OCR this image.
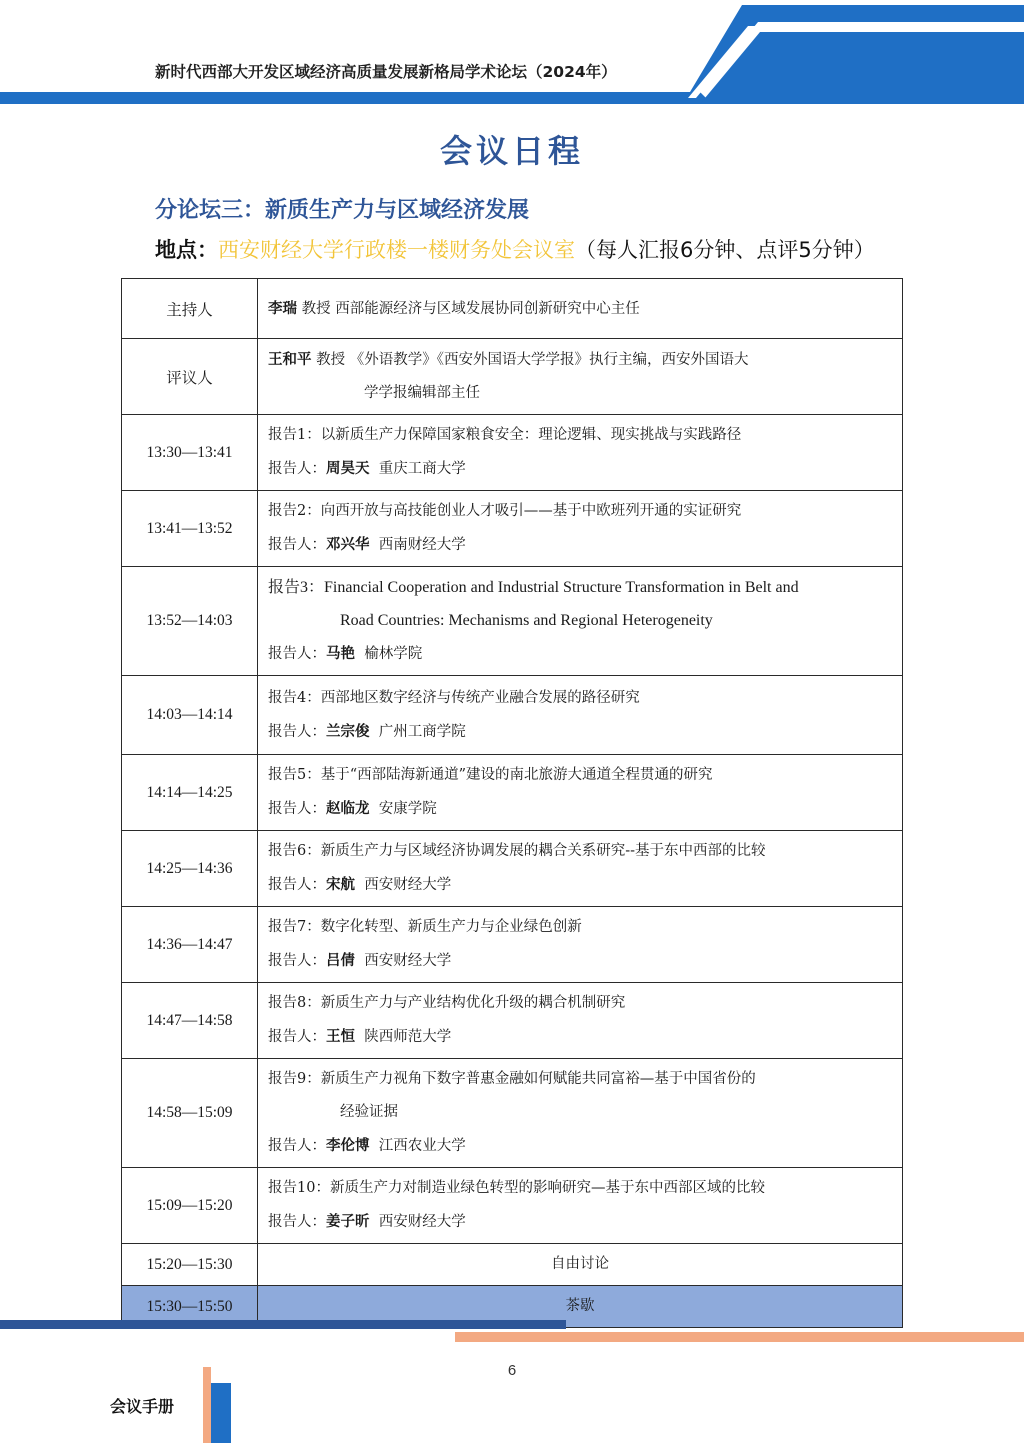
新时代西部大开发区域经济高质量发展新格局学术论坛（2024年）
会议日程
分论坛三：新质生产力与区域经济发展
地点：西安财经大学行政楼一楼财务处会议室（每人汇报6分钟、点评5分钟）
主持人	李瑞 教授 西部能源经济与区域发展协同创新研究中心主任

评议人	王和平 教授 《外语教学》《西安外国语大学学报》执行主编，西安外国语大
学学报编辑部主任

13:30—13:41	报告1：以新质生产力保障国家粮食安全：理论逻辑、现实挑战与实践路径
报告人：周昊天 重庆工商大学

13:41—13:52	报告2：向西开放与高技能创业人才吸引——基于中欧班列开通的实证研究
报告人：邓兴华 西南财经大学

13:52—14:03	报告3：Financial Cooperation and Industrial Structure Transformation in Belt and
Road Countries: Mechanisms and Regional Heterogeneity
报告人：马艳 榆林学院

14:03—14:14	报告4：西部地区数字经济与传统产业融合发展的路径研究
报告人：兰宗俊 广州工商学院

14:14—14:25	报告5：基于“西部陆海新通道”建设的南北旅游大通道全程贯通的研究
报告人：赵临龙 安康学院

14:25—14:36	报告6：新质生产力与区域经济协调发展的耦合关系研究--基于东中西部的比较
报告人：宋航 西安财经大学

14:36—14:47	报告7：数字化转型、新质生产力与企业绿色创新
报告人：吕倩 西安财经大学

14:47—14:58	报告8：新质生产力与产业结构优化升级的耦合机制研究
报告人：王恒 陕西师范大学

14:58—15:09	报告9：新质生产力视角下数字普惠金融如何赋能共同富裕—基于中国省份的
经验证据
报告人：李伦博 江西农业大学

15:09—15:20	报告10：新质生产力对制造业绿色转型的影响研究—基于东中西部区域的比较
报告人：姜子昕 西安财经大学

15:20—15:30	自由讨论
15:30—15:50	茶歇
6
会议手册
